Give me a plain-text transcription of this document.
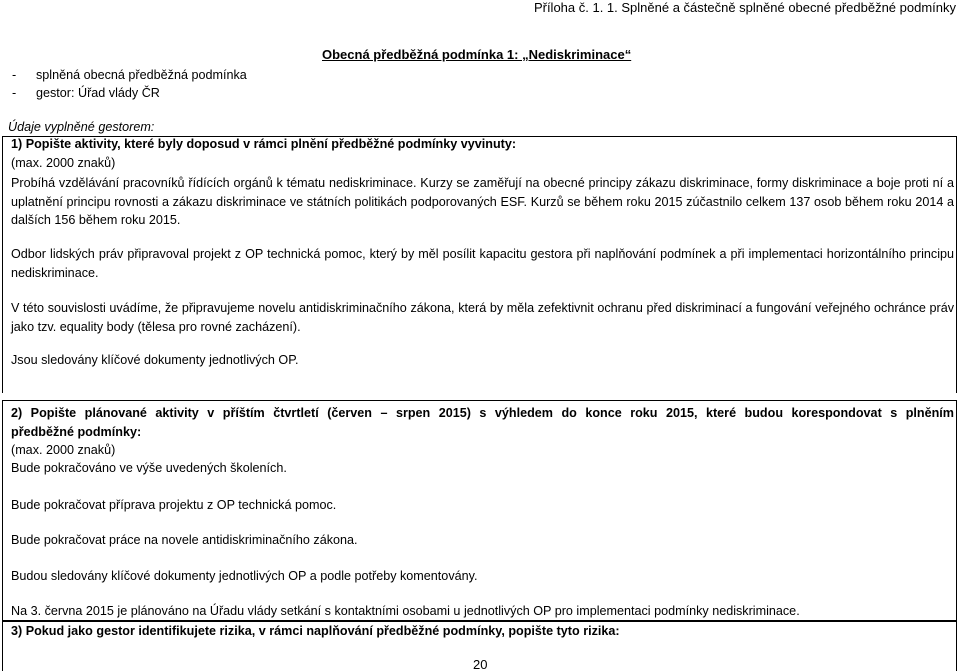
Příloha č. 1. 1. Splněné a částečně splněné obecné předběžné podmínky
Obecná předběžná podmínka 1: „Nediskriminace“
- splněná obecná předběžná podmínka
- gestor: Úřad vlády ČR
Údaje vyplněné gestorem:
1) Popište aktivity, které byly doposud v rámci plnění předběžné podmínky vyvinuty:
(max. 2000 znaků)
Probíhá vzdělávání pracovníků řídících orgánů k tématu nediskriminace. Kurzy se zaměřují na obecné principy zákazu diskriminace, formy diskriminace a boje proti ní a uplatnění principu rovnosti a zákazu diskriminace ve státních politikách podporovaných ESF. Kurzů se během roku 2015 zúčastnilo celkem 137 osob během roku 2014 a dalších 156 během roku 2015.
Odbor lidských práv připravoval projekt z OP technická pomoc, který by měl posílit kapacitu gestora při naplňování podmínek a při implementaci horizontálního principu nediskriminace.
V této souvislosti uvádíme, že připravujeme novelu antidiskriminačního zákona, která by měla zefektivnit ochranu před diskriminací a fungování veřejného ochránce práv jako tzv. equality body (tělesa pro rovné zacházení).
Jsou sledovány klíčové dokumenty jednotlivých OP.
2) Popište plánované aktivity v příštím čtvrtletí (červen – srpen 2015) s výhledem do konce roku 2015, které budou korespondovat s plněním
předběžné podmínky:
(max. 2000 znaků)
Bude pokračováno ve výše uvedených školeních.
Bude pokračovat příprava projektu z OP technická pomoc.
Bude pokračovat práce na novele antidiskriminačního zákona.
Budou sledovány klíčové dokumenty jednotlivých OP a podle potřeby komentovány.
Na 3. června 2015 je plánováno na Úřadu vlády setkání s kontaktními osobami u jednotlivých OP pro implementaci podmínky nediskriminace.
3) Pokud jako gestor identifikujete rizika, v rámci naplňování předběžné podmínky, popište tyto rizika:
20
